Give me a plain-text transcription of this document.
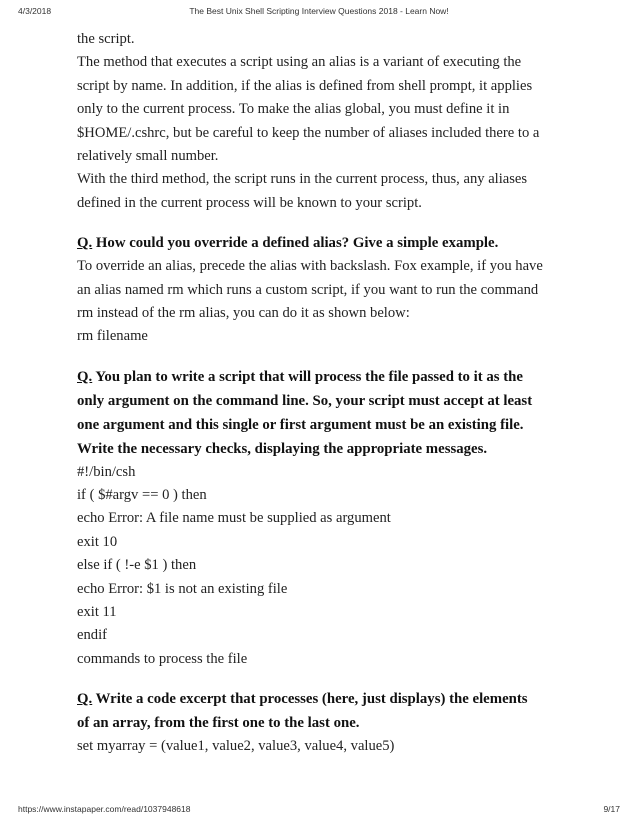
4/3/2018	The Best Unix Shell Scripting Interview Questions 2018 - Learn Now!
the script.
The method that executes a script using an alias is a variant of executing the
script by name. In addition, if the alias is defined from shell prompt, it applies
only to the current process. To make the alias global, you must define it in
$HOME/.cshrc, but be careful to keep the number of aliases included there to a
relatively small number.
With the third method, the script runs in the current process, thus, any aliases
defined in the current process will be known to your script.
Q. How could you override a defined alias? Give a simple example.
To override an alias, precede the alias with backslash. Fox example, if you have
an alias named rm which runs a custom script, if you want to run the command
rm instead of the rm alias, you can do it as shown below:
rm filename
Q. You plan to write a script that will process the file passed to it as the
only argument on the command line. So, your script must accept at least
one argument and this single or first argument must be an existing file.
Write the necessary checks, displaying the appropriate messages.
#!/bin/csh
if ( $#argv == 0 ) then
echo Error: A file name must be supplied as argument
exit 10
else if ( !-e $1 ) then
echo Error: $1 is not an existing file
exit 11
endif
commands to process the file
Q. Write a code excerpt that processes (here, just displays) the elements
of an array, from the first one to the last one.
set myarray = (value1, value2, value3, value4, value5)
https://www.instapaper.com/read/1037948618	9/17
